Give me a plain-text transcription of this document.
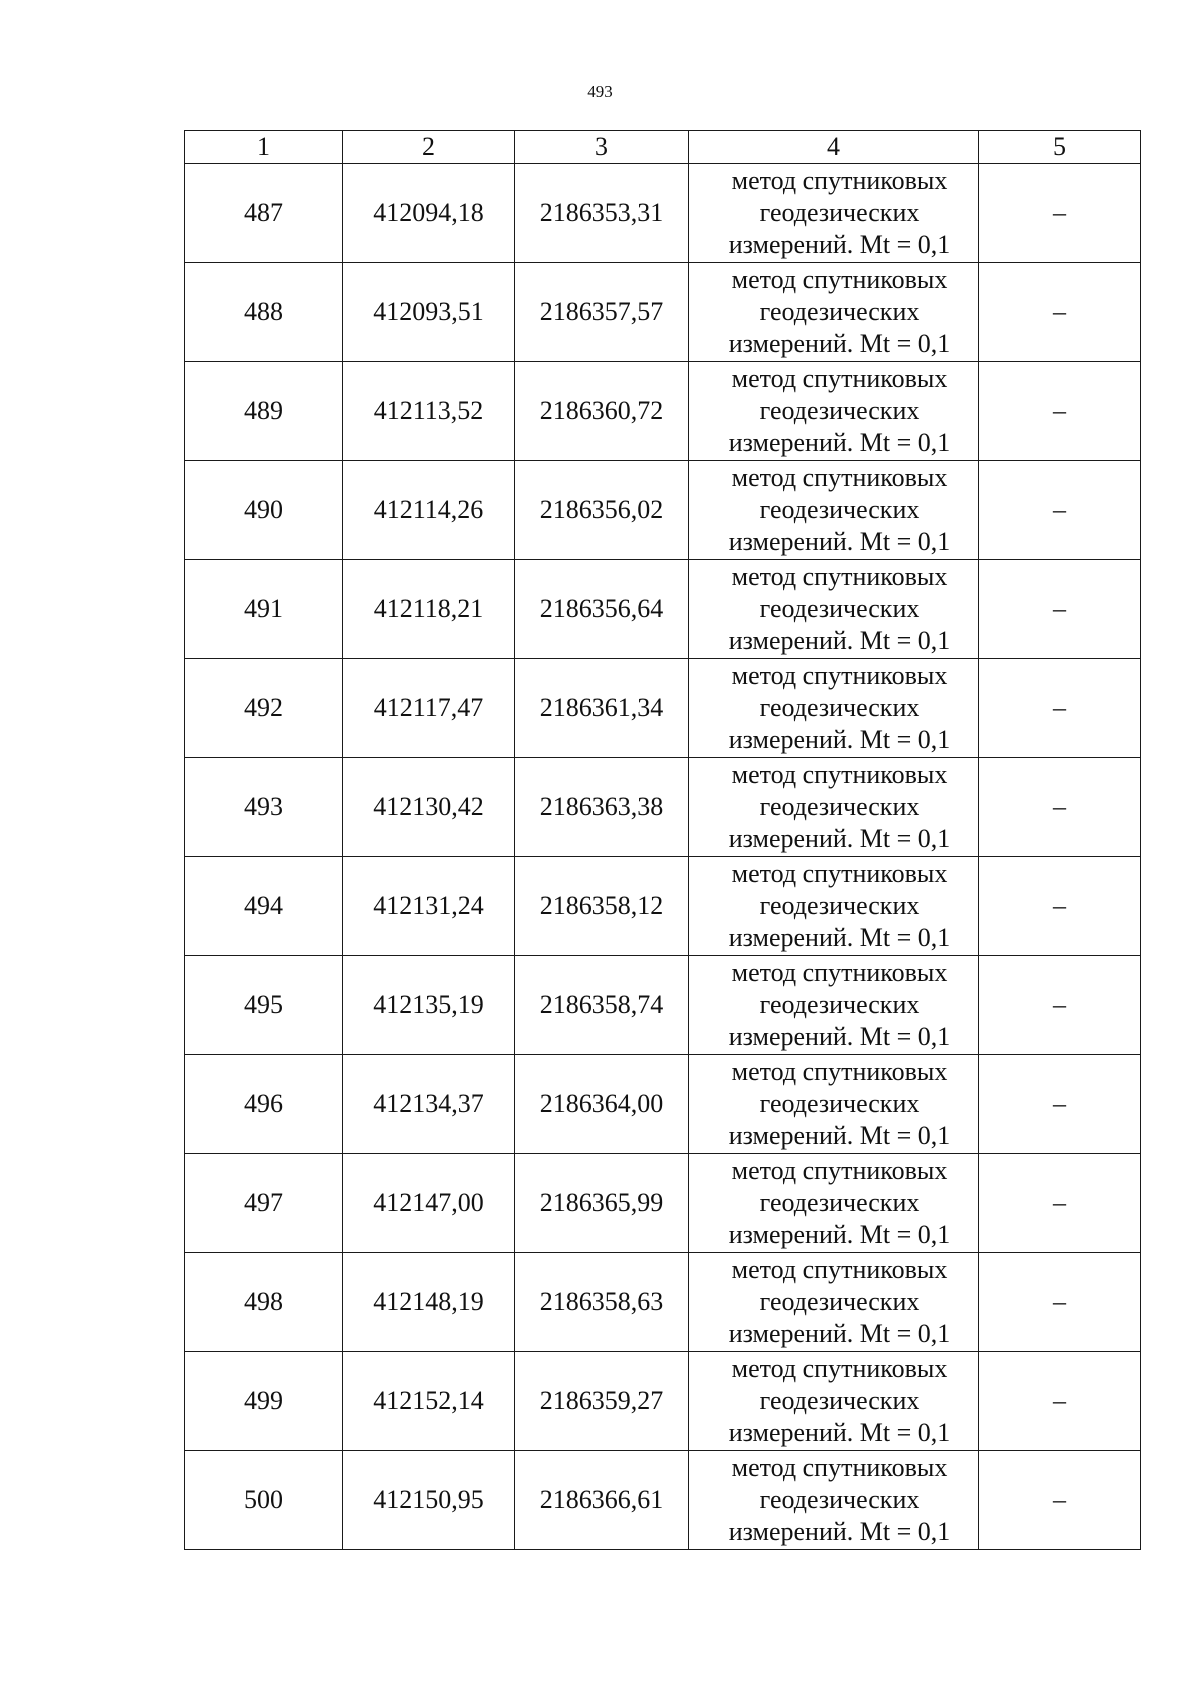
493
1	2	3	4	5
487	412094,18	2186353,31	метод спутниковых
геодезических
измерений. Mt = 0,1	–
488	412093,51	2186357,57	метод спутниковых
геодезических
измерений. Mt = 0,1	–
489	412113,52	2186360,72	метод спутниковых
геодезических
измерений. Mt = 0,1	–
490	412114,26	2186356,02	метод спутниковых
геодезических
измерений. Mt = 0,1	–
491	412118,21	2186356,64	метод спутниковых
геодезических
измерений. Mt = 0,1	–
492	412117,47	2186361,34	метод спутниковых
геодезических
измерений. Mt = 0,1	–
493	412130,42	2186363,38	метод спутниковых
геодезических
измерений. Mt = 0,1	–
494	412131,24	2186358,12	метод спутниковых
геодезических
измерений. Mt = 0,1	–
495	412135,19	2186358,74	метод спутниковых
геодезических
измерений. Mt = 0,1	–
496	412134,37	2186364,00	метод спутниковых
геодезических
измерений. Mt = 0,1	–
497	412147,00	2186365,99	метод спутниковых
геодезических
измерений. Mt = 0,1	–
498	412148,19	2186358,63	метод спутниковых
геодезических
измерений. Mt = 0,1	–
499	412152,14	2186359,27	метод спутниковых
геодезических
измерений. Mt = 0,1	–
500	412150,95	2186366,61	метод спутниковых
геодезических
измерений. Mt = 0,1	–
